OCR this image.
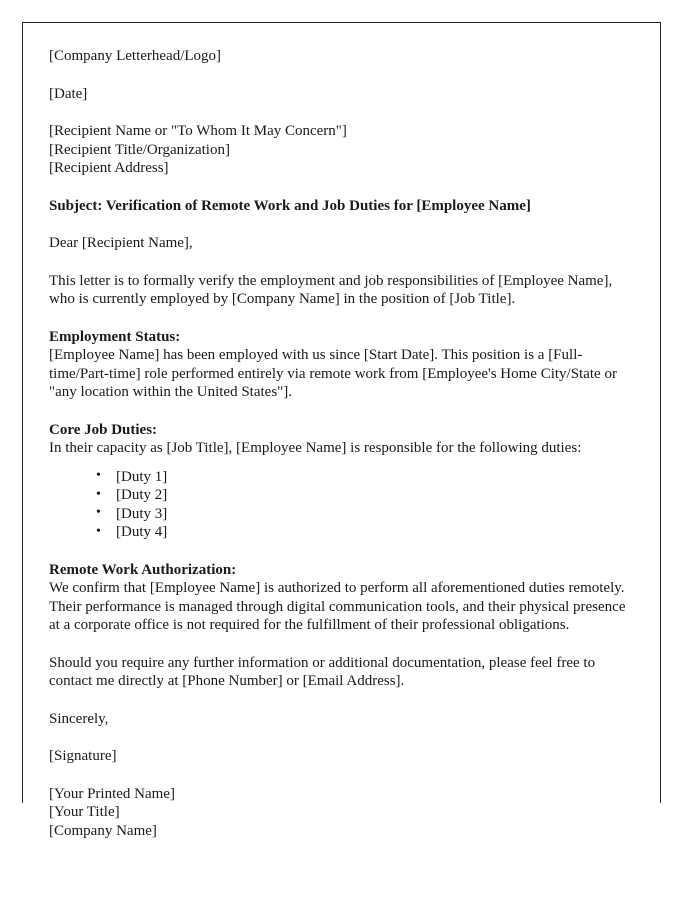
[Company Letterhead/Logo]

[Date]

[Recipient Name or "To Whom It May Concern"]

[Recipient Title/Organization]

[Recipient Address]

Subject: Verification of Remote Work and Job Duties for [Employee Name]

Dear [Recipient Name],

This letter is to formally verify the employment and job responsibilities of [Employee Name], who is currently employed by [Company Name] in the position of [Job Title].

Employment Status:

[Employee Name] has been employed with us since [Start Date]. This position is a [Full-time/Part-time] role performed entirely via remote work from [Employee's Home City/State or "any location within the United States"].

Core Job Duties:

In their capacity as [Job Title], [Employee Name] is responsible for the following duties:

• [Duty 1]
• [Duty 2]
• [Duty 3]
• [Duty 4]

Remote Work Authorization:

We confirm that [Employee Name] is authorized to perform all aforementioned duties remotely. Their performance is managed through digital communication tools, and their physical presence at a corporate office is not required for the fulfillment of their professional obligations.

Should you require any further information or additional documentation, please feel free to contact me directly at [Phone Number] or [Email Address].

Sincerely,

[Signature]

[Your Printed Name]

[Your Title]

[Company Name]
